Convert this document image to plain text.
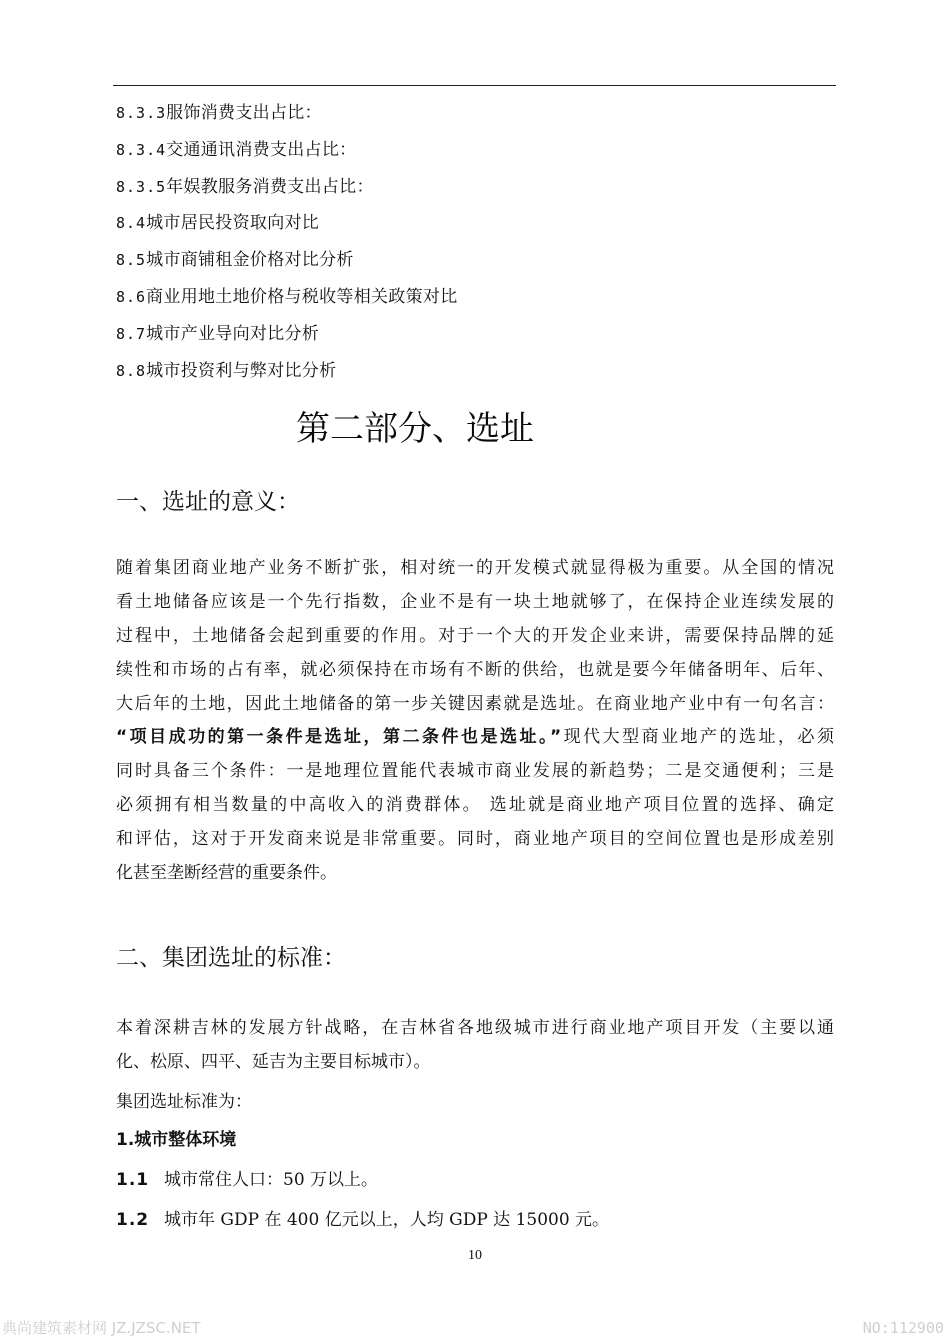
8.3.3服饰消费支出占比：
8.3.4交通通讯消费支出占比：
8.3.5年娱教服务消费支出占比：
8.4城市居民投资取向对比
8.5城市商铺租金价格对比分析
8.6商业用地土地价格与税收等相关政策对比
8.7城市产业导向对比分析
8.8城市投资利与弊对比分析
第二部分、选址
一、选址的意义：
随着集团商业地产业务不断扩张，相对统一的开发模式就显得极为重要。从全国的情况
看土地储备应该是一个先行指数，企业不是有一块土地就够了，在保持企业连续发展的
过程中，土地储备会起到重要的作用。对于一个大的开发企业来讲，需要保持品牌的延
续性和市场的占有率，就必须保持在市场有不断的供给，也就是要今年储备明年、后年、
大后年的土地，因此土地储备的第一步关键因素就是选址。在商业地产业中有一句名言：
“项目成功的第一条件是选址，第二条件也是选址。”现代大型商业地产的选址，必须
同时具备三个条件：一是地理位置能代表城市商业发展的新趋势；二是交通便利；三是
必须拥有相当数量的中高收入的消费群体。 选址就是商业地产项目位置的选择、确定
和评估，这对于开发商来说是非常重要。同时，商业地产项目的空间位置也是形成差别
化甚至垄断经营的重要条件。
二、集团选址的标准：
本着深耕吉林的发展方针战略，在吉林省各地级城市进行商业地产项目开发（主要以通
化、松原、四平、延吉为主要目标城市）。
集团选址标准为：
1.城市整体环境
1.1 城市常住人口：50 万以上。
1.2 城市年 GDP 在 400 亿元以上，人均 GDP 达 15000 元。
10
典尚建筑素材网 JZ.JZSC.NET	NO:112900
